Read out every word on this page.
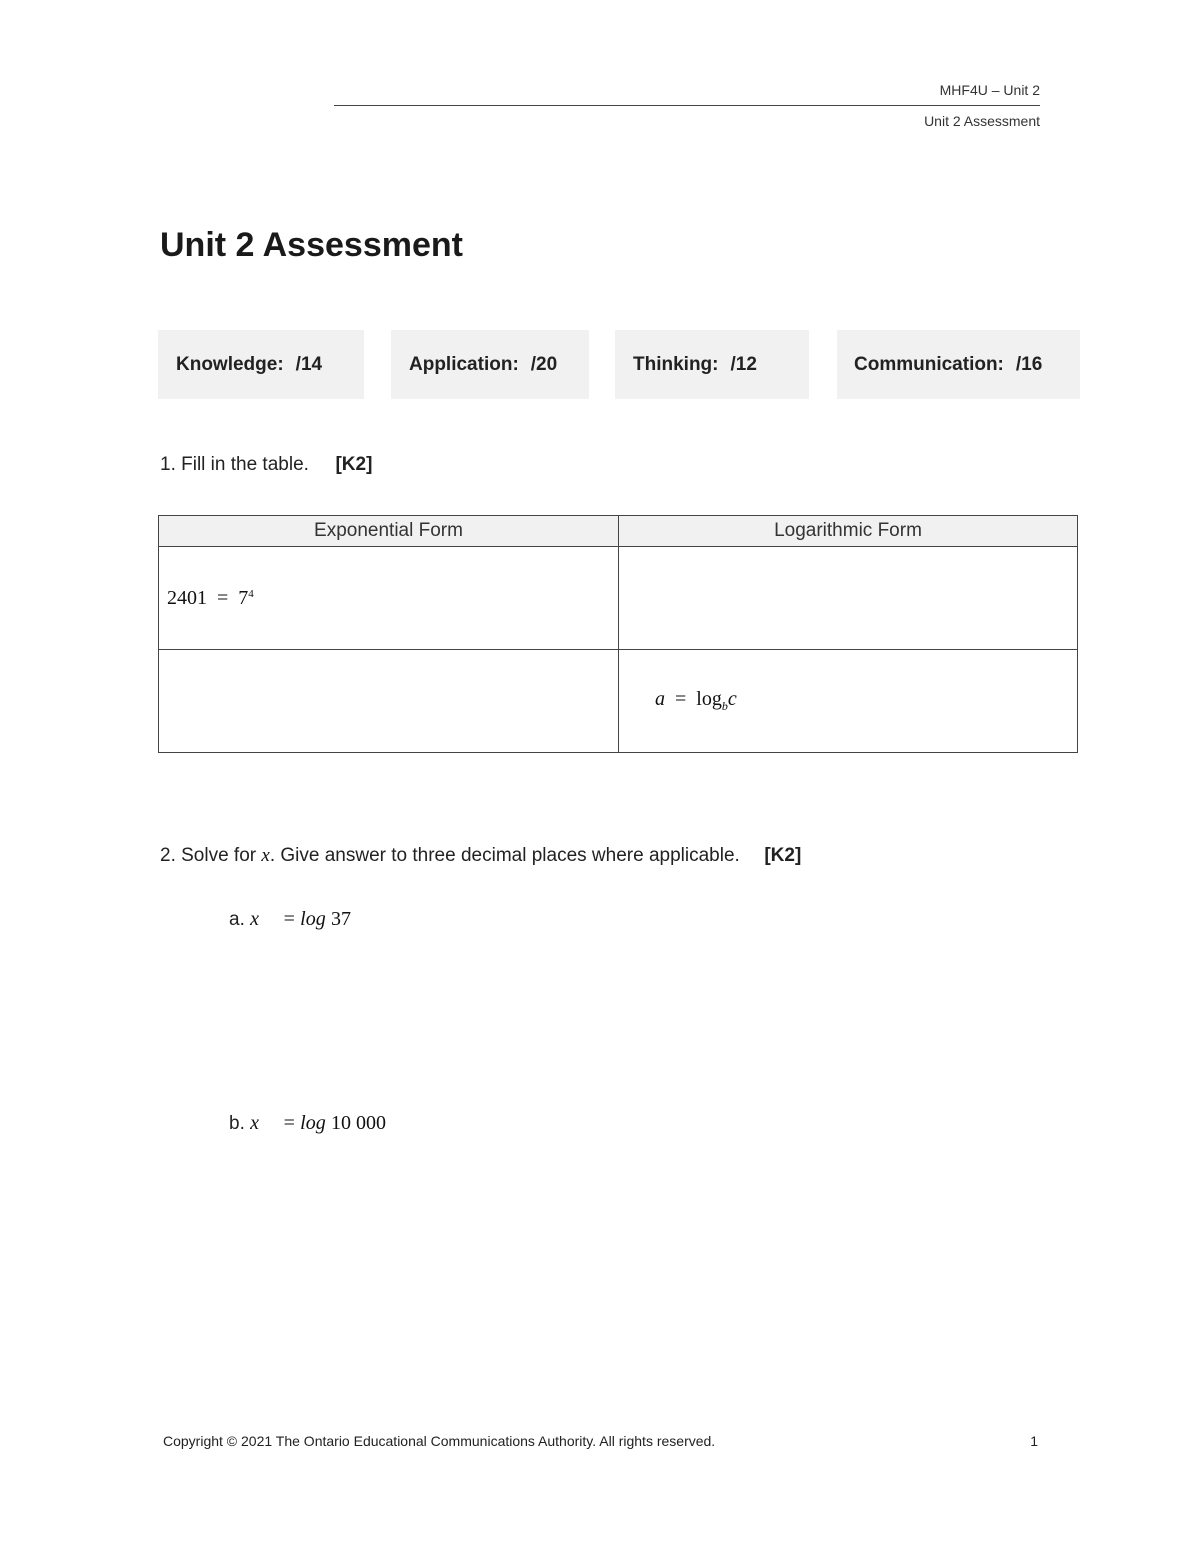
MHF4U – Unit 2
Unit 2 Assessment
Unit 2 Assessment
Knowledge: /14	Application: /20	Thinking: /12	Communication: /16
1. Fill in the table. [K2]
Exponential Form	Logarithmic Form
$2401 = 7^4$	
	$a = \log_bc$
2. Solve for x. Give answer to three decimal places where applicable. [K2]
a. x = log 37
b. x = log 10 000
Copyright © 2021 The Ontario Educational Communications Authority. All rights reserved.	1
